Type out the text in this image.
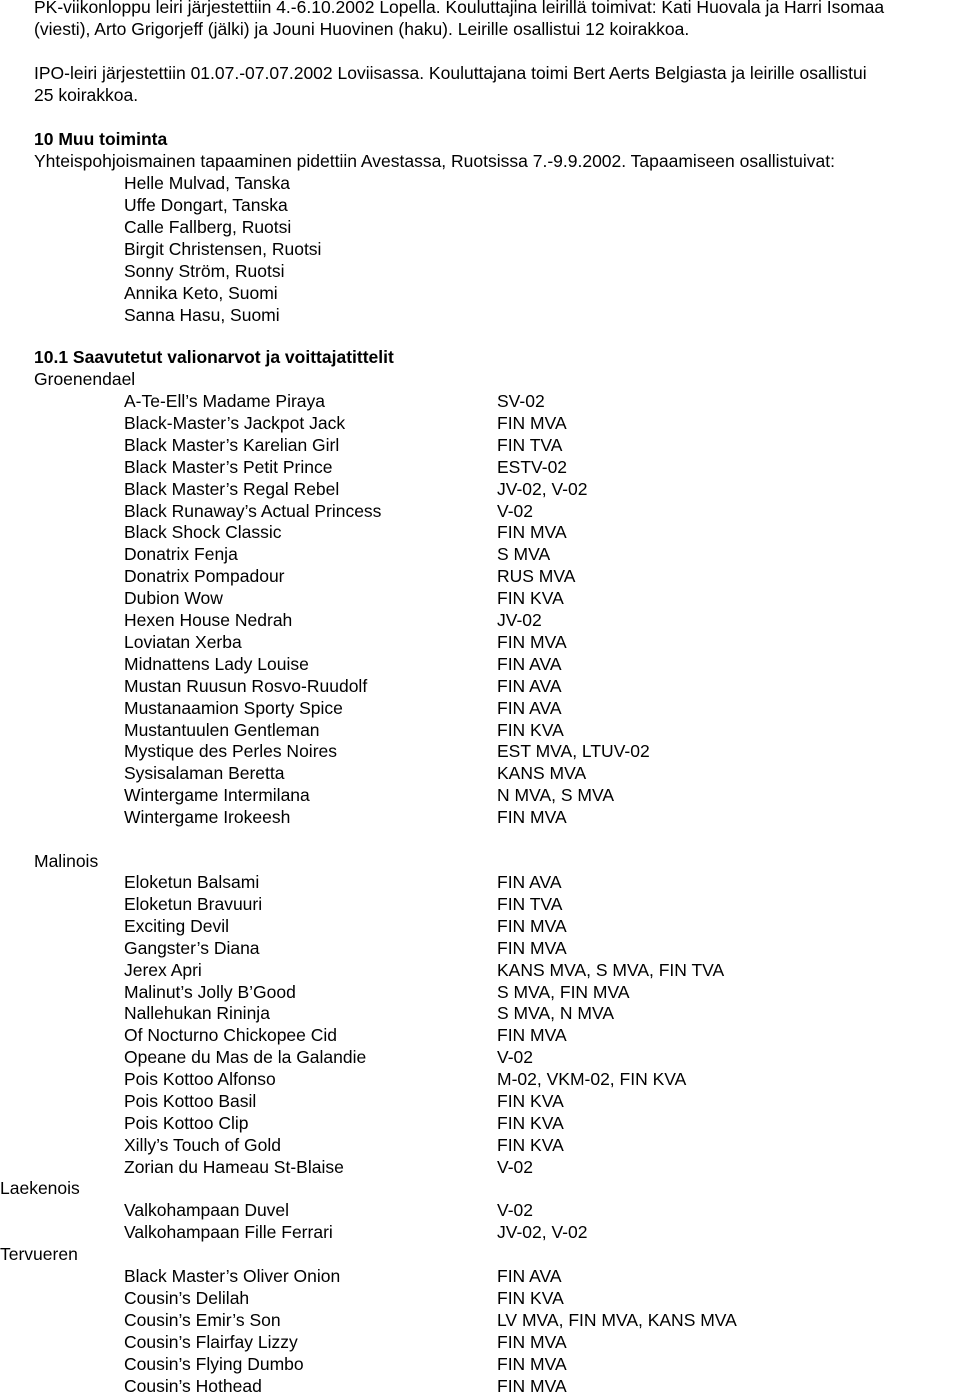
PK-viikonloppu leiri järjestettiin 4.-6.10.2002 Lopella. Kouluttajina leirillä toimivat: Kati Huovala ja Harri Isomaa
(viesti), Arto Grigorjeff (jälki) ja Jouni Huovinen (haku). Leirille osallistui 12 koirakkoa.
IPO-leiri järjestettiin 01.07.-07.07.2002 Loviisassa. Kouluttajana toimi Bert Aerts Belgiasta ja leirille osallistui
25 koirakkoa.
10 Muu toiminta
Yhteispohjoismainen tapaaminen pidettiin Avestassa, Ruotsissa 7.-9.9.2002. Tapaamiseen osallistuivat:
Helle Mulvad, Tanska
Uffe Dongart, Tanska
Calle Fallberg, Ruotsi
Birgit Christensen, Ruotsi
Sonny Ström, Ruotsi
Annika Keto, Suomi
Sanna Hasu, Suomi
10.1 Saavutetut valionarvot ja voittajatittelit
Groenendael
A-Te-Ell’s Madame Piraya	SV-02
Black-Master’s Jackpot Jack	FIN MVA
Black Master’s Karelian Girl	FIN TVA
Black Master’s Petit Prince	ESTV-02
Black Master’s Regal Rebel	JV-02, V-02
Black Runaway’s Actual Princess	V-02
Black Shock Classic	FIN MVA
Donatrix Fenja	S MVA
Donatrix Pompadour	RUS MVA
Dubion Wow	FIN KVA
Hexen House Nedrah	JV-02
Loviatan Xerba	FIN MVA
Midnattens Lady Louise	FIN AVA
Mustan Ruusun Rosvo-Ruudolf	FIN AVA
Mustanaamion Sporty Spice	FIN AVA
Mustantuulen Gentleman	FIN KVA
Mystique des Perles Noires	EST MVA, LTUV-02
Sysisalaman Beretta	KANS MVA
Wintergame Intermilana	N MVA, S MVA
Wintergame Irokeesh	FIN MVA
Malinois
Eloketun Balsami	FIN AVA
Eloketun Bravuuri	FIN TVA
Exciting Devil	FIN MVA
Gangster’s Diana	FIN MVA
Jerex Apri	KANS MVA, S MVA, FIN TVA
Malinut’s Jolly B’Good	S MVA, FIN MVA
Nallehukan Rininja	S MVA, N MVA
Of Nocturno Chickopee Cid	FIN MVA
Opeane du Mas de la Galandie	V-02
Pois Kottoo Alfonso	M-02, VKM-02, FIN KVA
Pois Kottoo Basil	FIN KVA
Pois Kottoo Clip	FIN KVA
Xilly’s Touch of Gold	FIN KVA
Zorian du Hameau St-Blaise	V-02
Laekenois
Valkohampaan Duvel	V-02
Valkohampaan Fille Ferrari	JV-02, V-02
Tervueren
Black Master’s Oliver Onion	FIN AVA
Cousin’s Delilah	FIN KVA
Cousin’s Emir’s Son	LV MVA, FIN MVA, KANS MVA
Cousin’s Flairfay Lizzy	FIN MVA
Cousin’s Flying Dumbo	FIN MVA
Cousin’s Hothead	FIN MVA
